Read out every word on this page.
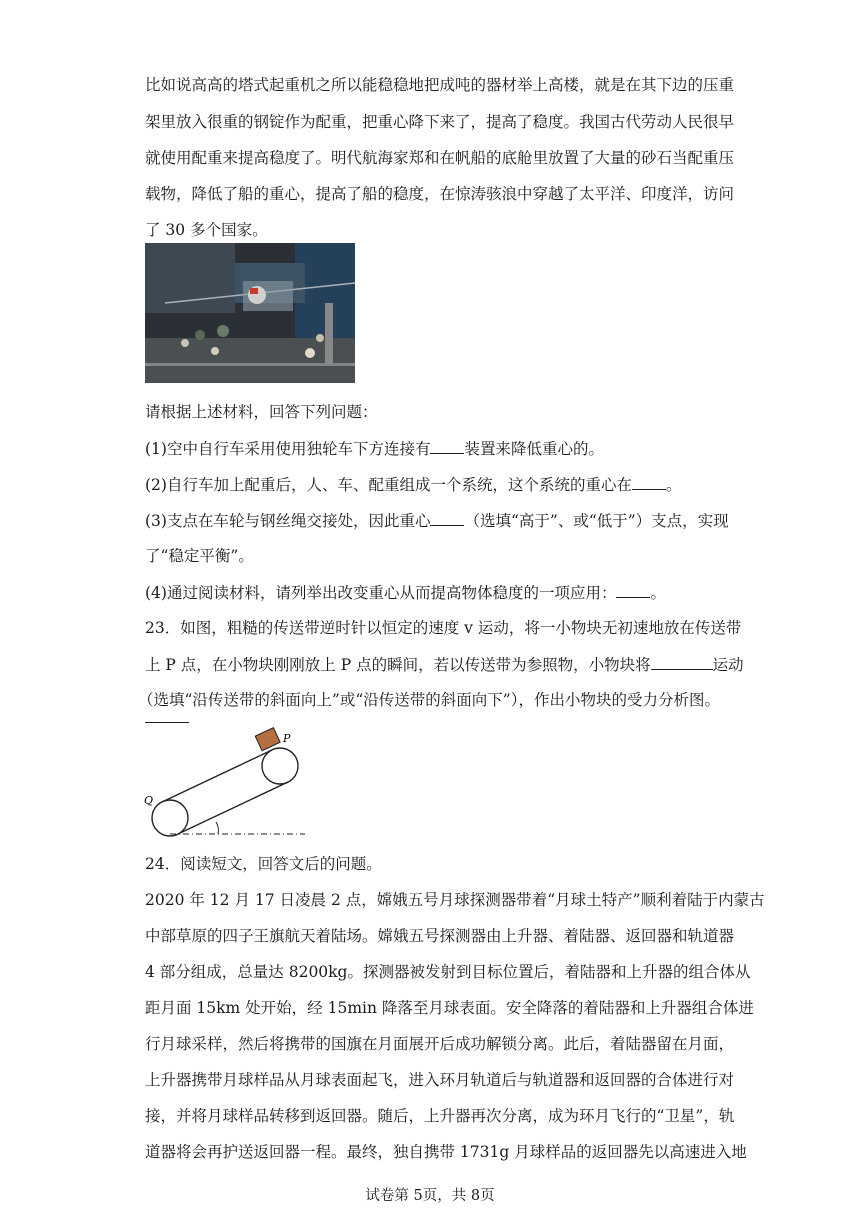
比如说高高的塔式起重机之所以能稳稳地把成吨的器材举上高楼，就是在其下边的压重
架里放入很重的钢锭作为配重，把重心降下来了，提高了稳度。我国古代劳动人民很早
就使用配重来提高稳度了。明代航海家郑和在帆船的底舱里放置了大量的砂石当配重压
载物，降低了船的重心，提高了船的稳度，在惊涛骇浪中穿越了太平洋、印度洋，访问
了 30 多个国家。
请根据上述材料，回答下列问题：
(1)空中自行车采用使用独轮车下方连接有 装置来降低重心的。
(2)自行车加上配重后，人、车、配重组成一个系统，这个系统的重心在 。
(3)支点在车轮与钢丝绳交接处，因此重心 （选填“高于”、或“低于”）支点，实现
了“稳定平衡”。
(4)通过阅读材料，请列举出改变重心从而提高物体稳度的一项应用： 。
23．如图，粗糙的传送带逆时针以恒定的速度 v 运动，将一小物块无初速地放在传送带
上 P 点，在小物块刚刚放上 P 点的瞬间，若以传送带为参照物，小物块将	运动
（选填“沿传送带的斜面向上”或“沿传送带的斜面向下”），作出小物块的受力分析图。
P
Q
24．阅读短文，回答文后的问题。
2020 年 12 月 17 日凌晨 2 点，嫦娥五号月球探测器带着“月球土特产”顺利着陆于内蒙古
中部草原的四子王旗航天着陆场。嫦娥五号探测器由上升器、着陆器、返回器和轨道器
4 部分组成，总量达 8200kg。探测器被发射到目标位置后，着陆器和上升器的组合体从
距月面 15km 处开始，经 15min 降落至月球表面。安全降落的着陆器和上升器组合体进
行月球采样，然后将携带的国旗在月面展开后成功解锁分离。此后，着陆器留在月面，
上升器携带月球样品从月球表面起飞，进入环月轨道后与轨道器和返回器的合体进行对
接，并将月球样品转移到返回器。随后，上升器再次分离，成为环月飞行的“卫星”，轨
道器将会再护送返回器一程。最终，独自携带 1731g 月球样品的返回器先以高速进入地
试卷第 5页，共 8页
